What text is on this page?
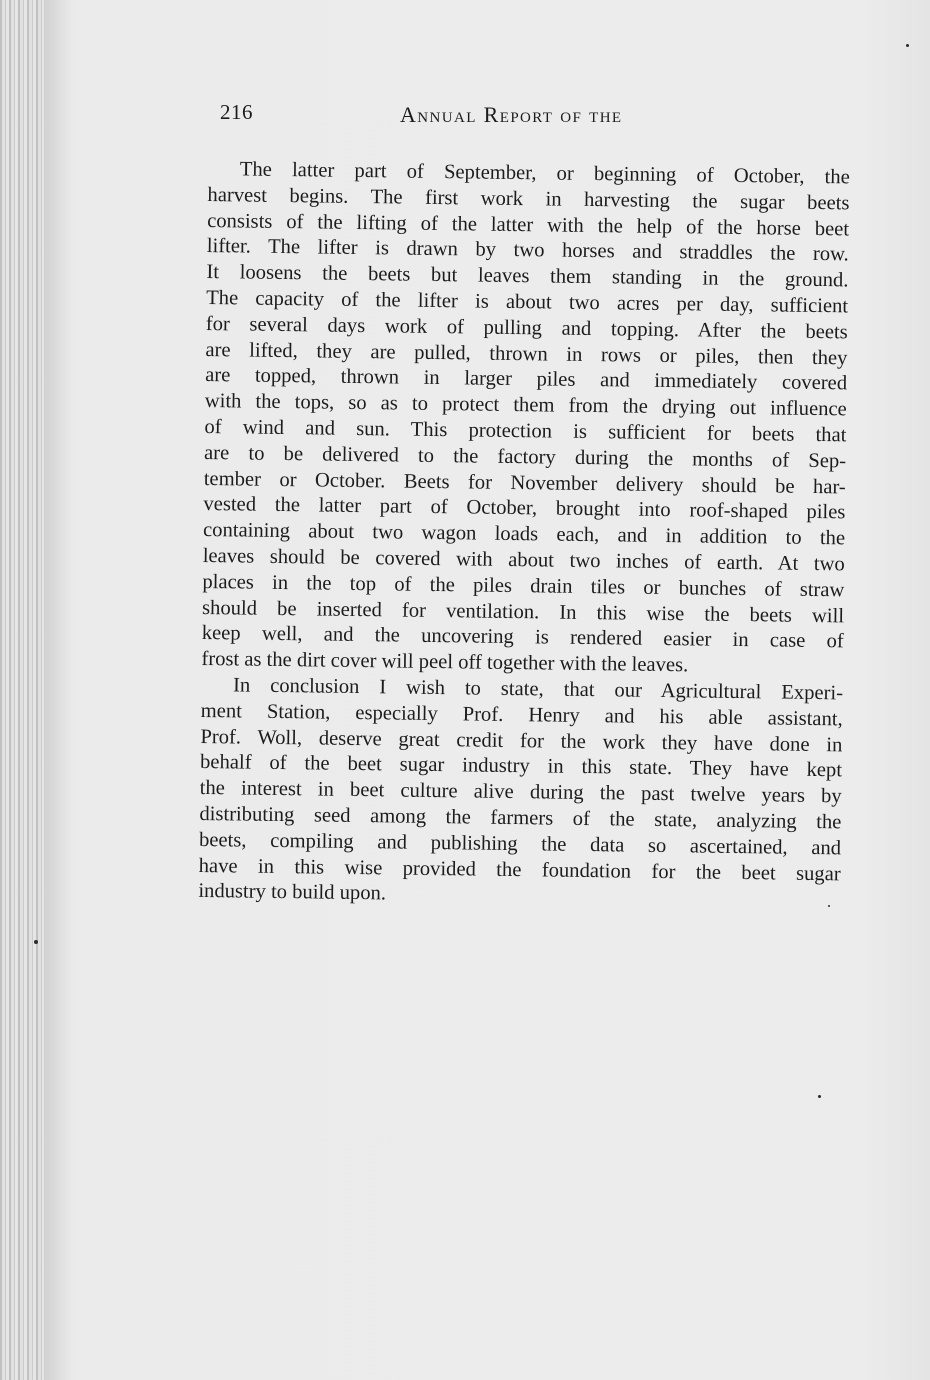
216	Annual Report of the
The latter part of September, or beginning of October, the
harvest begins. The first work in harvesting the sugar beets
consists of the lifting of the latter with the help of the horse beet
lifter. The lifter is drawn by two horses and straddles the row.
It loosens the beets but leaves them standing in the ground.
The capacity of the lifter is about two acres per day, sufficient
for several days work of pulling and topping. After the beets
are lifted, they are pulled, thrown in rows or piles, then they
are topped, thrown in larger piles and immediately covered
with the tops, so as to protect them from the drying out influence
of wind and sun. This protection is sufficient for beets that
are to be delivered to the factory during the months of Sep-
tember or October. Beets for November delivery should be har-
vested the latter part of October, brought into roof-shaped piles
containing about two wagon loads each, and in addition to the
leaves should be covered with about two inches of earth. At two
places in the top of the piles drain tiles or bunches of straw
should be inserted for ventilation. In this wise the beets will
keep well, and the uncovering is rendered easier in case of
frost as the dirt cover will peel off together with the leaves.
In conclusion I wish to state, that our Agricultural Experi-
ment Station, especially Prof. Henry and his able assistant,
Prof. Woll, deserve great credit for the work they have done in
behalf of the beet sugar industry in this state. They have kept
the interest in beet culture alive during the past twelve years by
distributing seed among the farmers of the state, analyzing the
beets, compiling and publishing the data so ascertained, and
have in this wise provided the foundation for the beet sugar
industry to build upon.
